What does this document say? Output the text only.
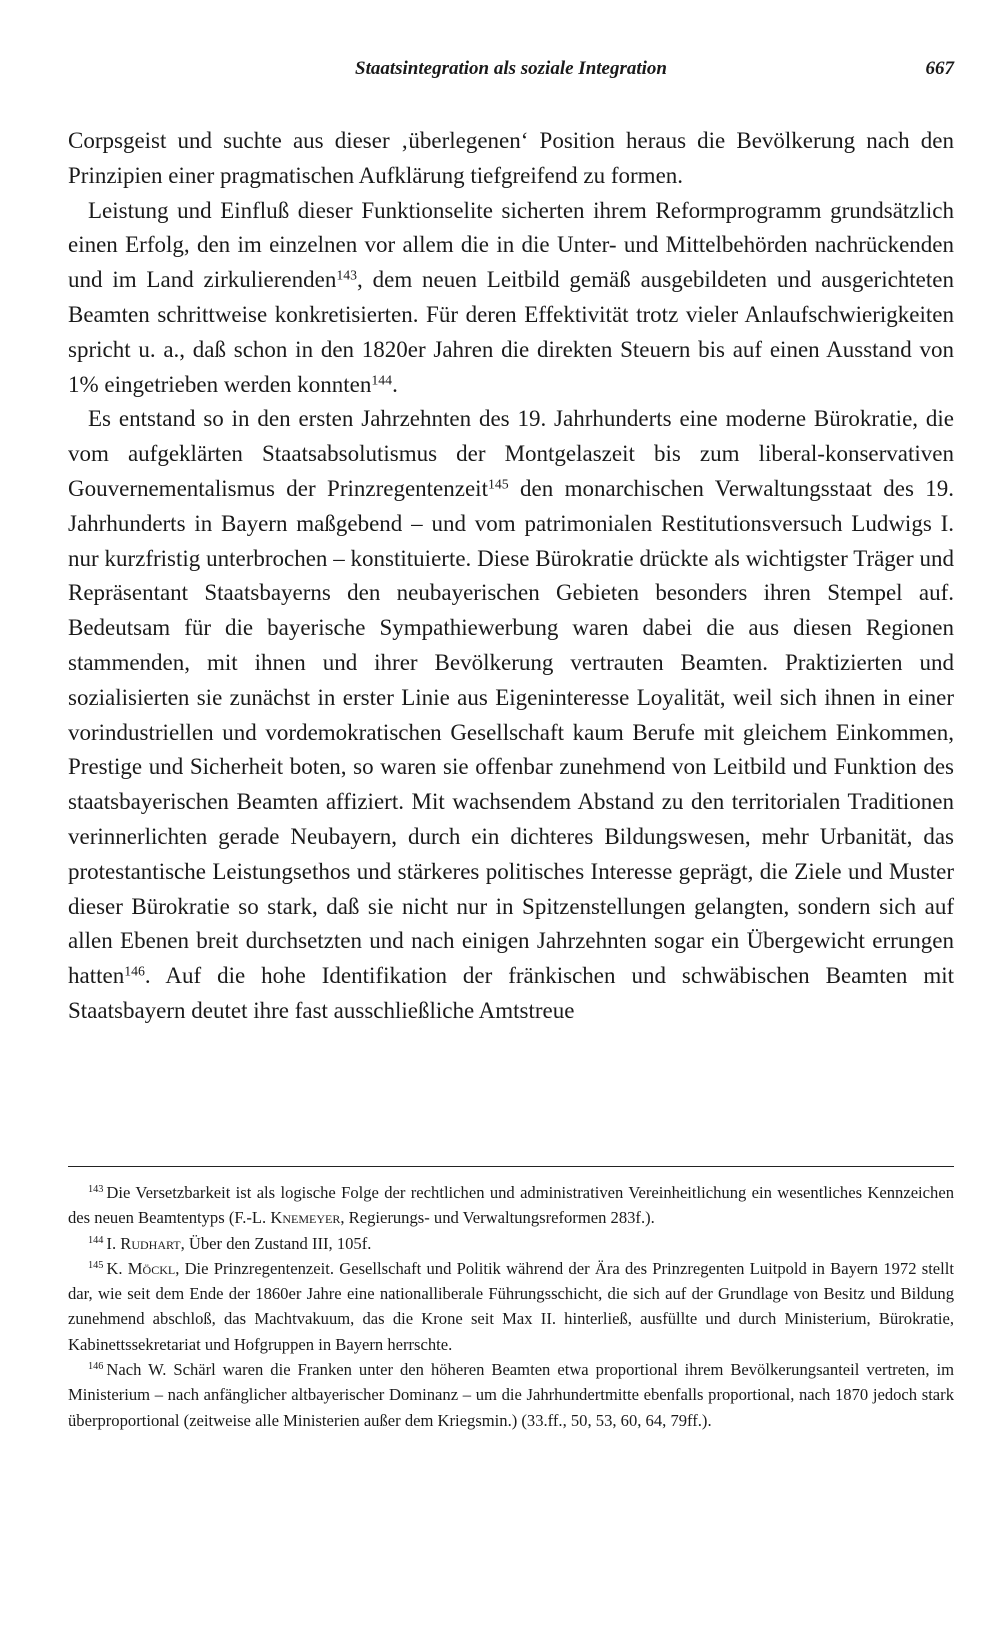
Staatsintegration als soziale Integration	667

Corpsgeist und suchte aus dieser ‚überlegenen‘ Position heraus die Bevölkerung nach den Prinzipien einer pragmatischen Aufklärung tiefgreifend zu formen.

Leistung und Einfluß dieser Funktionselite sicherten ihrem Reformprogramm grundsätzlich einen Erfolg, den im einzelnen vor allem die in die Unter- und Mittelbehörden nachrückenden und im Land zirkulierenden$^{143}$, dem neuen Leitbild gemäß ausgebildeten und ausgerichteten Beamten schrittweise konkretisierten. Für deren Effektivität trotz vieler Anlaufschwierigkeiten spricht u. a., daß schon in den 1820er Jahren die direkten Steuern bis auf einen Ausstand von 1% eingetrieben werden konnten$^{144}$.

Es entstand so in den ersten Jahrzehnten des 19. Jahrhunderts eine moderne Bürokratie, die vom aufgeklärten Staatsabsolutismus der Montgelaszeit bis zum liberal-konservativen Gouvernementalismus der Prinzregentenzeit$^{145}$ den monarchischen Verwaltungsstaat des 19. Jahrhunderts in Bayern maßgebend – und vom patrimonialen Restitutionsversuch Ludwigs I. nur kurzfristig unterbrochen – konstituierte. Diese Bürokratie drückte als wichtigster Träger und Repräsentant Staatsbayerns den neubayerischen Gebieten besonders ihren Stempel auf. Bedeutsam für die bayerische Sympathiewerbung waren dabei die aus diesen Regionen stammenden, mit ihnen und ihrer Bevölkerung vertrauten Beamten. Praktizierten und sozialisierten sie zunächst in erster Linie aus Eigeninteresse Loyalität, weil sich ihnen in einer vorindustriellen und vordemokratischen Gesellschaft kaum Berufe mit gleichem Einkommen, Prestige und Sicherheit boten, so waren sie offenbar zunehmend von Leitbild und Funktion des staatsbayerischen Beamten affiziert. Mit wachsendem Abstand zu den territorialen Traditionen verinnerlichten gerade Neubayern, durch ein dichteres Bildungswesen, mehr Urbanität, das protestantische Leistungsethos und stärkeres politisches Interesse geprägt, die Ziele und Muster dieser Bürokratie so stark, daß sie nicht nur in Spitzenstellungen gelangten, sondern sich auf allen Ebenen breit durchsetzten und nach einigen Jahrzehnten sogar ein Übergewicht errungen hatten$^{146}$. Auf die hohe Identifikation der fränkischen und schwäbischen Beamten mit Staatsbayern deutet ihre fast ausschließliche Amtstreue

$^{143}$ Die Versetzbarkeit ist als logische Folge der rechtlichen und administrativen Vereinheitlichung ein wesentliches Kennzeichen des neuen Beamtentyps (F.-L. Knemeyer, Regierungs- und Verwaltungsreformen 283f.).

$^{144}$ I. Rudhart, Über den Zustand III, 105f.

$^{145}$ K. Möckl, Die Prinzregentenzeit. Gesellschaft und Politik während der Ära des Prinzregenten Luitpold in Bayern 1972 stellt dar, wie seit dem Ende der 1860er Jahre eine nationalliberale Führungsschicht, die sich auf der Grundlage von Besitz und Bildung zunehmend abschloß, das Machtvakuum, das die Krone seit Max II. hinterließ, ausfüllte und durch Ministerium, Bürokratie, Kabinettssekretariat und Hofgruppen in Bayern herrschte.

$^{146}$ Nach W. Schärl waren die Franken unter den höheren Beamten etwa proportional ihrem Bevölkerungsanteil vertreten, im Ministerium – nach anfänglicher altbayerischer Dominanz – um die Jahrhundertmitte ebenfalls proportional, nach 1870 jedoch stark überproportional (zeitweise alle Ministerien außer dem Kriegsmin.) (33.ff., 50, 53, 60, 64, 79ff.).
